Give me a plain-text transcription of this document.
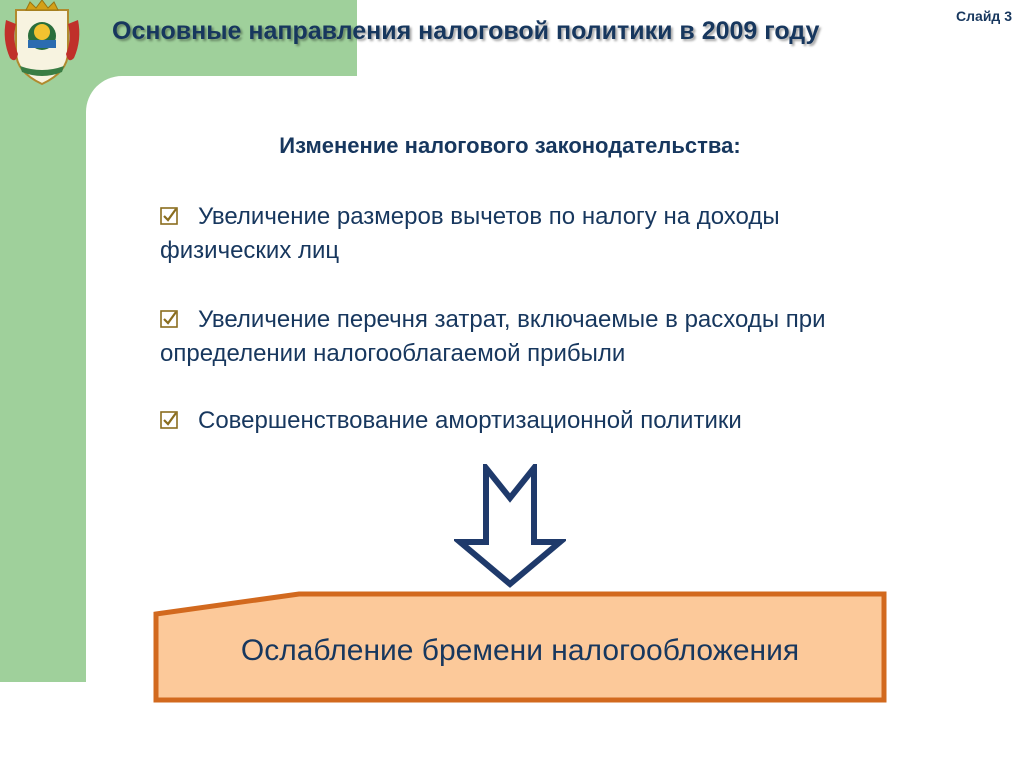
Основные направления налоговой политики в 2009 году
Слайд 3
Изменение налогового законодательства:
Увеличение размеров вычетов по налогу на доходы физических лиц
Увеличение перечня затрат, включаемые в расходы при определении налогооблагаемой прибыли
Совершенствование амортизационной политики
Ослабление бремени налогообложения
